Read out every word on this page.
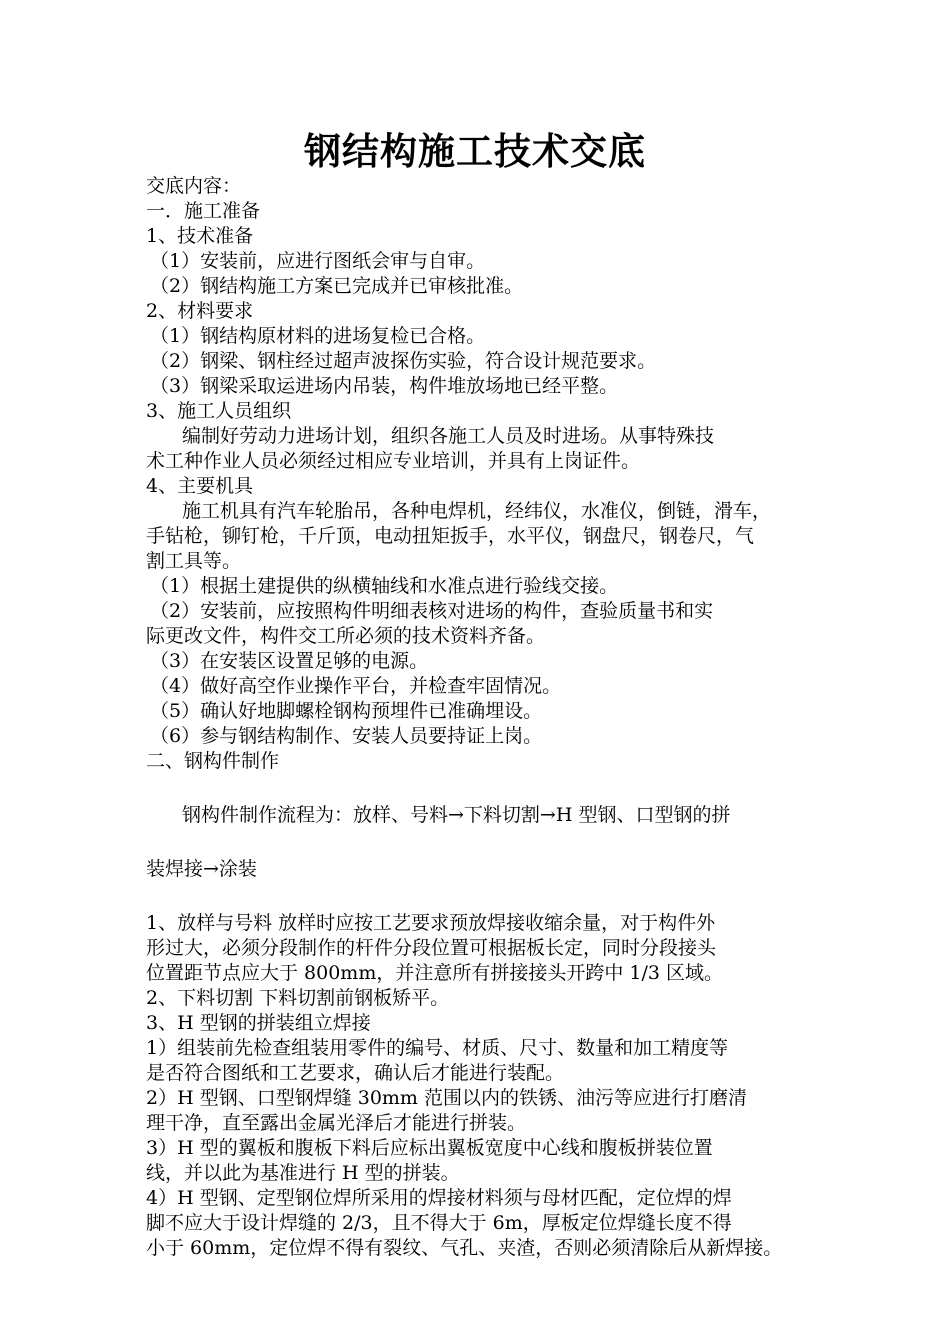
钢结构施工技术交底
交底内容：
一．施工准备
1、技术准备
（1）安装前，应进行图纸会审与自审。
（2）钢结构施工方案已完成并已审核批准。
2、材料要求
（1）钢结构原材料的进场复检已合格。
（2）钢梁、钢柱经过超声波探伤实验，符合设计规范要求。
（3）钢梁采取运进场内吊装，构件堆放场地已经平整。
3、施工人员组织
编制好劳动力进场计划，组织各施工人员及时进场。从事特殊技
术工种作业人员必须经过相应专业培训，并具有上岗证件。
4、主要机具
施工机具有汽车轮胎吊，各种电焊机，经纬仪，水准仪，倒链，滑车，
手钻枪，铆钉枪，千斤顶，电动扭矩扳手，水平仪，钢盘尺，钢卷尺，气
割工具等。
（1）根据土建提供的纵横轴线和水准点进行验线交接。
（2）安装前，应按照构件明细表核对进场的构件，查验质量书和实
际更改文件，构件交工所必须的技术资料齐备。
（3）在安装区设置足够的电源。
（4）做好高空作业操作平台，并检查牢固情况。
（5）确认好地脚螺栓钢构预埋件已准确埋设。
（6）参与钢结构制作、安装人员要持证上岗。
二、钢构件制作
钢构件制作流程为：放样、号料→下料切割→H 型钢、口型钢的拼
装焊接→涂装
1、放样与号料 放样时应按工艺要求预放焊接收缩余量，对于构件外
形过大，必须分段制作的杆件分段位置可根据板长定，同时分段接头
位置距节点应大于 800mm，并注意所有拼接接头开跨中 1/3 区域。
2、下料切割 下料切割前钢板矫平。
3、H 型钢的拼装组立焊接
1）组装前先检查组装用零件的编号、材质、尺寸、数量和加工精度等
是否符合图纸和工艺要求，确认后才能进行装配。
2）H 型钢、口型钢焊缝 30mm 范围以内的铁锈、油污等应进行打磨清
理干净，直至露出金属光泽后才能进行拼装。
3）H 型的翼板和腹板下料后应标出翼板宽度中心线和腹板拼装位置
线，并以此为基准进行 H 型的拼装。
4）H 型钢、定型钢位焊所采用的焊接材料须与母材匹配，定位焊的焊
脚不应大于设计焊缝的 2/3，且不得大于 6m，厚板定位焊缝长度不得
小于 60mm，定位焊不得有裂纹、气孔、夹渣，否则必须清除后从新焊接。
